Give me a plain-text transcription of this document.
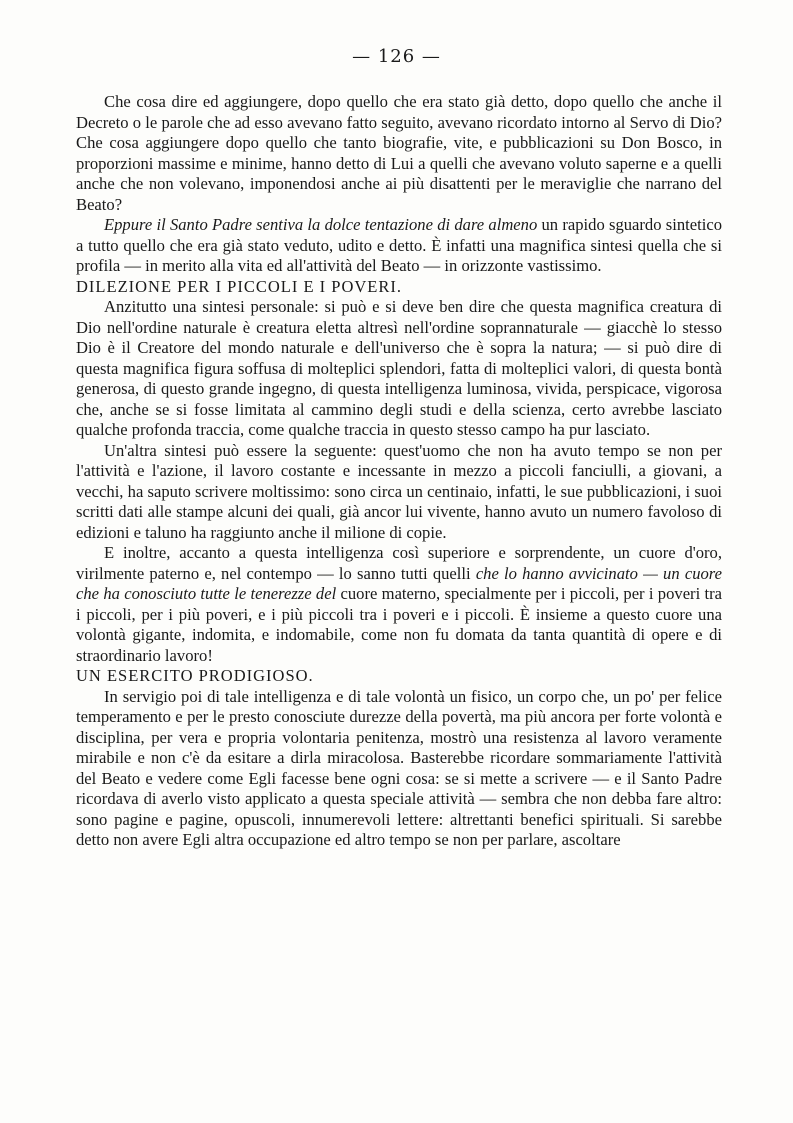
— 126 —

Che cosa dire ed aggiungere, dopo quello che era stato già detto, dopo quello che anche il Decreto o le parole che ad esso avevano fatto seguito, avevano ricordato intorno al Servo di Dio? Che cosa aggiungere dopo quello che tanto biografie, vite, e pubblicazioni su Don Bosco, in proporzioni massime e minime, hanno detto di Lui a quelli che avevano voluto saperne e a quelli anche che non volevano, imponendosi anche ai più disattenti per le meraviglie che narrano del Beato?

Eppure il Santo Padre sentiva la dolce tentazione di dare almeno un rapido sguardo sintetico a tutto quello che era già stato veduto, udito e detto. È infatti una magnifica sintesi quella che si profila — in merito alla vita ed all'attività del Beato — in orizzonte vastissimo.

DILEZIONE PER I PICCOLI E I POVERI.

Anzitutto una sintesi personale: si può e si deve ben dire che questa magnifica creatura di Dio nell'ordine naturale è creatura eletta altresì nell'ordine soprannaturale — giacchè lo stesso Dio è il Creatore del mondo naturale e dell'universo che è sopra la natura; — si può dire di questa magnifica figura soffusa di molteplici splendori, fatta di molteplici valori, di questa bontà generosa, di questo grande ingegno, di questa intelligenza luminosa, vivida, perspicace, vigorosa che, anche se si fosse limitata al cammino degli studi e della scienza, certo avrebbe lasciato qualche profonda traccia, come qualche traccia in questo stesso campo ha pur lasciato.

Un'altra sintesi può essere la seguente: quest'uomo che non ha avuto tempo se non per l'attività e l'azione, il lavoro costante e incessante in mezzo a piccoli fanciulli, a giovani, a vecchi, ha saputo scrivere moltissimo: sono circa un centinaio, infatti, le sue pubblicazioni, i suoi scritti dati alle stampe alcuni dei quali, già ancor lui vivente, hanno avuto un numero favoloso di edizioni e taluno ha raggiunto anche il milione di copie.

E inoltre, accanto a questa intelligenza così superiore e sorprendente, un cuore d'oro, virilmente paterno e, nel contempo — lo sanno tutti quelli che lo hanno avvicinato — un cuore che ha conosciuto tutte le tenerezze del cuore materno, specialmente per i piccoli, per i poveri tra i piccoli, per i più poveri, e i più piccoli tra i poveri e i piccoli. È insieme a questo cuore una volontà gigante, indomita, e indomabile, come non fu domata da tanta quantità di opere e di straordinario lavoro!

UN ESERCITO PRODIGIOSO.

In servigio poi di tale intelligenza e di tale volontà un fisico, un corpo che, un po' per felice temperamento e per le presto conosciute durezze della povertà, ma più ancora per forte volontà e disciplina, per vera e propria volontaria penitenza, mostrò una resistenza al lavoro veramente mirabile e non c'è da esitare a dirla miracolosa. Basterebbe ricordare sommariamente l'attività del Beato e vedere come Egli facesse bene ogni cosa: se si mette a scrivere — e il Santo Padre ricordava di averlo visto applicato a questa speciale attività — sembra che non debba fare altro: sono pagine e pagine, opuscoli, innumerevoli lettere: altrettanti benefici spirituali. Si sarebbe detto non avere Egli altra occupazione ed altro tempo se non per parlare, ascoltare
